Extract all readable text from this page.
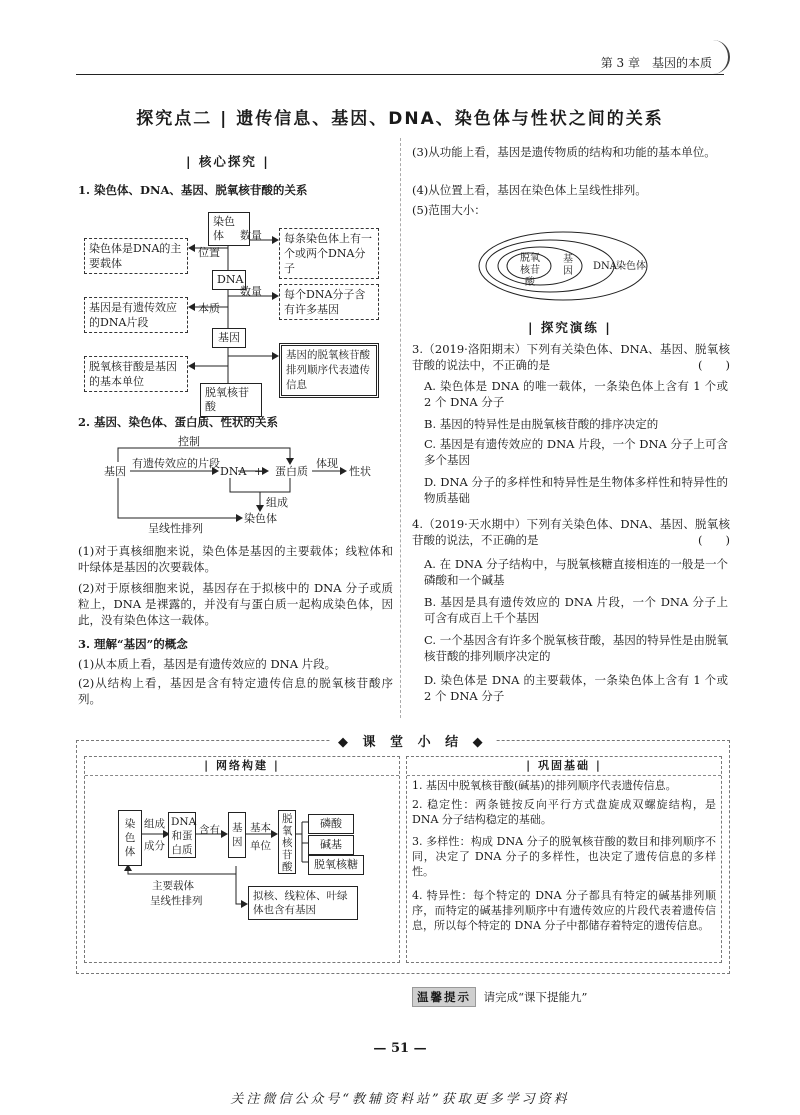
第 3 章　基因的本质
探究点二 | 遗传信息、基因、DNA、染色体与性状之间的关系
| 核心探究 |
1. 染色体、DNA、基因、脱氧核苷酸的关系
染色体
DNA
基因
脱氧核苷酸
数量
位置
数量
本质
染色体是DNA的主要载体
每条染色体上有一个或两个DNA分子
基因是有遗传效应的DNA片段
每个DNA分子含有许多基因
脱氧核苷酸是基因的基本单位
基因的脱氧核苷酸排列顺序代表遗传信息
2. 基因、染色体、蛋白质、性状的关系
控制
基因
有遗传效应的片段
DNA + 蛋白质
体现
性状
组成
染色体
呈线性排列
(1)对于真核细胞来说，染色体是基因的主要载体；线粒体和叶绿体是基因的次要载体。
(2)对于原核细胞来说，基因存在于拟核中的 DNA 分子或质粒上，DNA 是裸露的，并没有与蛋白质一起构成染色体，因此，没有染色体这一载体。
3. 理解“基因”的概念
(1)从本质上看，基因是有遗传效应的 DNA 片段。
(2)从结构上看，基因是含有特定遗传信息的脱氧核苷酸序列。
(3)从功能上看，基因是遗传物质的结构和功能的基本单位。
(4)从位置上看，基因在染色体上呈线性排列。
(5)范围大小：
脱氧
核苷酸
基
因 DNA 染色体
| 探究演练 |
3.（2019·洛阳期末）下列有关染色体、DNA、基因、脱氧核苷酸的说法中，不正确的是	(　　)
A. 染色体是 DNA 的唯一载体，一条染色体上含有 1 个或 2 个 DNA 分子
B. 基因的特异性是由脱氧核苷酸的排序决定的
C. 基因是有遗传效应的 DNA 片段，一个 DNA 分子上可含多个基因
D. DNA 分子的多样性和特异性是生物体多样性和特异性的物质基础
4.（2019·天水期中）下列有关染色体、DNA、基因、脱氧核苷酸的说法，不正确的是	(　　)
A. 在 DNA 分子结构中，与脱氧核糖直接相连的一般是一个磷酸和一个碱基
B. 基因是具有遗传效应的 DNA 片段，一个 DNA 分子上可含有成百上千个基因
C. 一个基因含有许多个脱氧核苷酸，基因的特异性是由脱氧核苷酸的排列顺序决定的
D. 染色体是 DNA 的主要载体，一条染色体上含有 1 个或 2 个 DNA 分子
◆ 课 堂 小 结 ◆
| 网络构建 |
染色体
组成
成分
DNA和蛋白质
含有	基因
基本
单位
脱氧核苷酸
磷酸
碱基
脱氧核糖
主要载体
呈线性排列	拟核、线粒体、叶绿体也含有基因
| 巩固基础 |
1. 基因中脱氧核苷酸(碱基)的排列顺序代表遗传信息。
2. 稳定性：两条链按反向平行方式盘旋成双螺旋结构，是 DNA 分子结构稳定的基础。
3. 多样性：构成 DNA 分子的脱氧核苷酸的数目和排列顺序不同，决定了 DNA 分子的多样性，也决定了遗传信息的多样性。
4. 特异性：每个特定的 DNA 分子都具有特定的碱基排列顺序，而特定的碱基排列顺序中有遗传效应的片段代表着遗传信息，所以每个特定的 DNA 分子中都储存着特定的遗传信息。
温馨提示 请完成“课下提能九”
— 51 —
关注微信公众号“教辅资料站”获取更多学习资料
